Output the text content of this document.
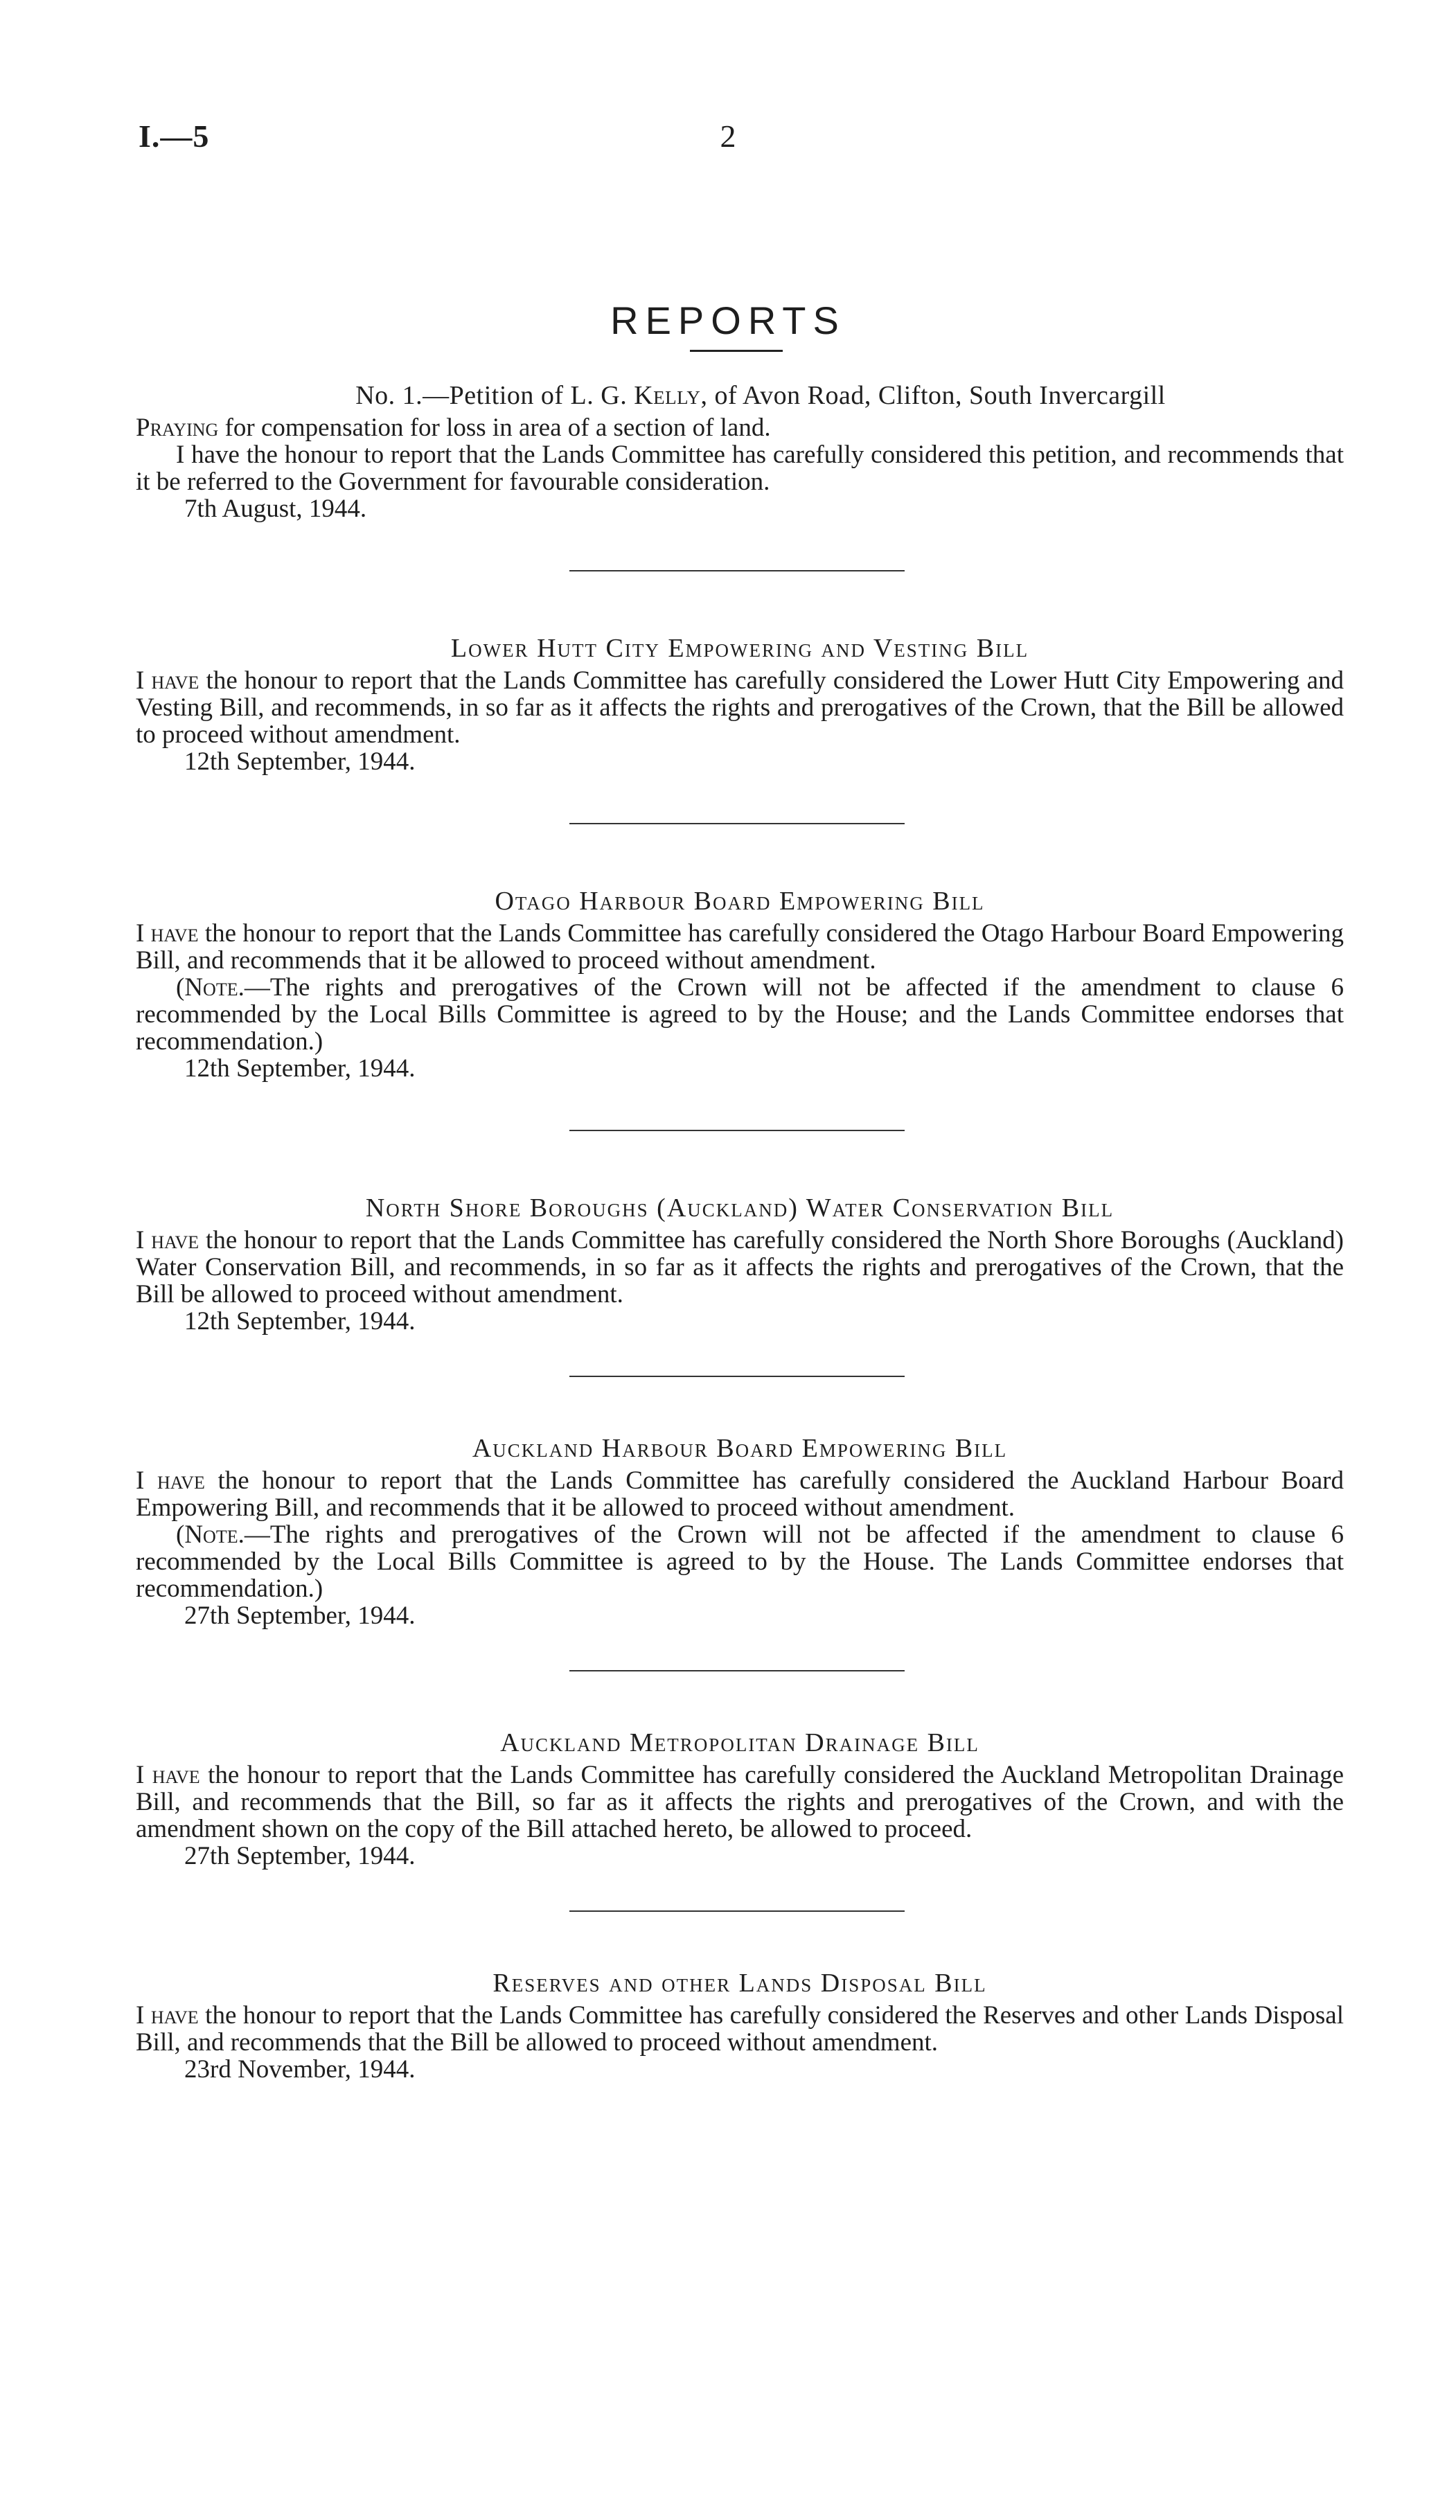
I.—5	2
REPORTS
No. 1.—Petition of L. G. Kelly, of Avon Road, Clifton, South Invercargill

Praying for compensation for loss in area of a section of land.

I have the honour to report that the Lands Committee has carefully considered this petition, and recommends that it be referred to the Government for favourable consideration.

7th August, 1944.

Lower Hutt City Empowering and Vesting Bill

I have the honour to report that the Lands Committee has carefully considered the Lower Hutt City Empowering and Vesting Bill, and recommends, in so far as it affects the rights and prerogatives of the Crown, that the Bill be allowed to proceed without amendment.

12th September, 1944.

Otago Harbour Board Empowering Bill

I have the honour to report that the Lands Committee has carefully considered the Otago Harbour Board Empowering Bill, and recommends that it be allowed to proceed without amendment.

(Note.—The rights and prerogatives of the Crown will not be affected if the amendment to clause 6 recommended by the Local Bills Committee is agreed to by the House; and the Lands Committee endorses that recommendation.)

12th September, 1944.

North Shore Boroughs (Auckland) Water Conservation Bill

I have the honour to report that the Lands Committee has carefully considered the North Shore Boroughs (Auckland) Water Conservation Bill, and recommends, in so far as it affects the rights and prerogatives of the Crown, that the Bill be allowed to proceed without amendment.

12th September, 1944.

Auckland Harbour Board Empowering Bill

I have the honour to report that the Lands Committee has carefully considered the Auckland Harbour Board Empowering Bill, and recommends that it be allowed to proceed without amendment.

(Note.—The rights and prerogatives of the Crown will not be affected if the amendment to clause 6 recommended by the Local Bills Committee is agreed to by the House. The Lands Committee endorses that recommendation.)

27th September, 1944.

Auckland Metropolitan Drainage Bill

I have the honour to report that the Lands Committee has carefully considered the Auckland Metropolitan Drainage Bill, and recommends that the Bill, so far as it affects the rights and prerogatives of the Crown, and with the amendment shown on the copy of the Bill attached hereto, be allowed to proceed.

27th September, 1944.

Reserves and other Lands Disposal Bill

I have the honour to report that the Lands Committee has carefully considered the Reserves and other Lands Disposal Bill, and recommends that the Bill be allowed to proceed without amendment.

23rd November, 1944.
